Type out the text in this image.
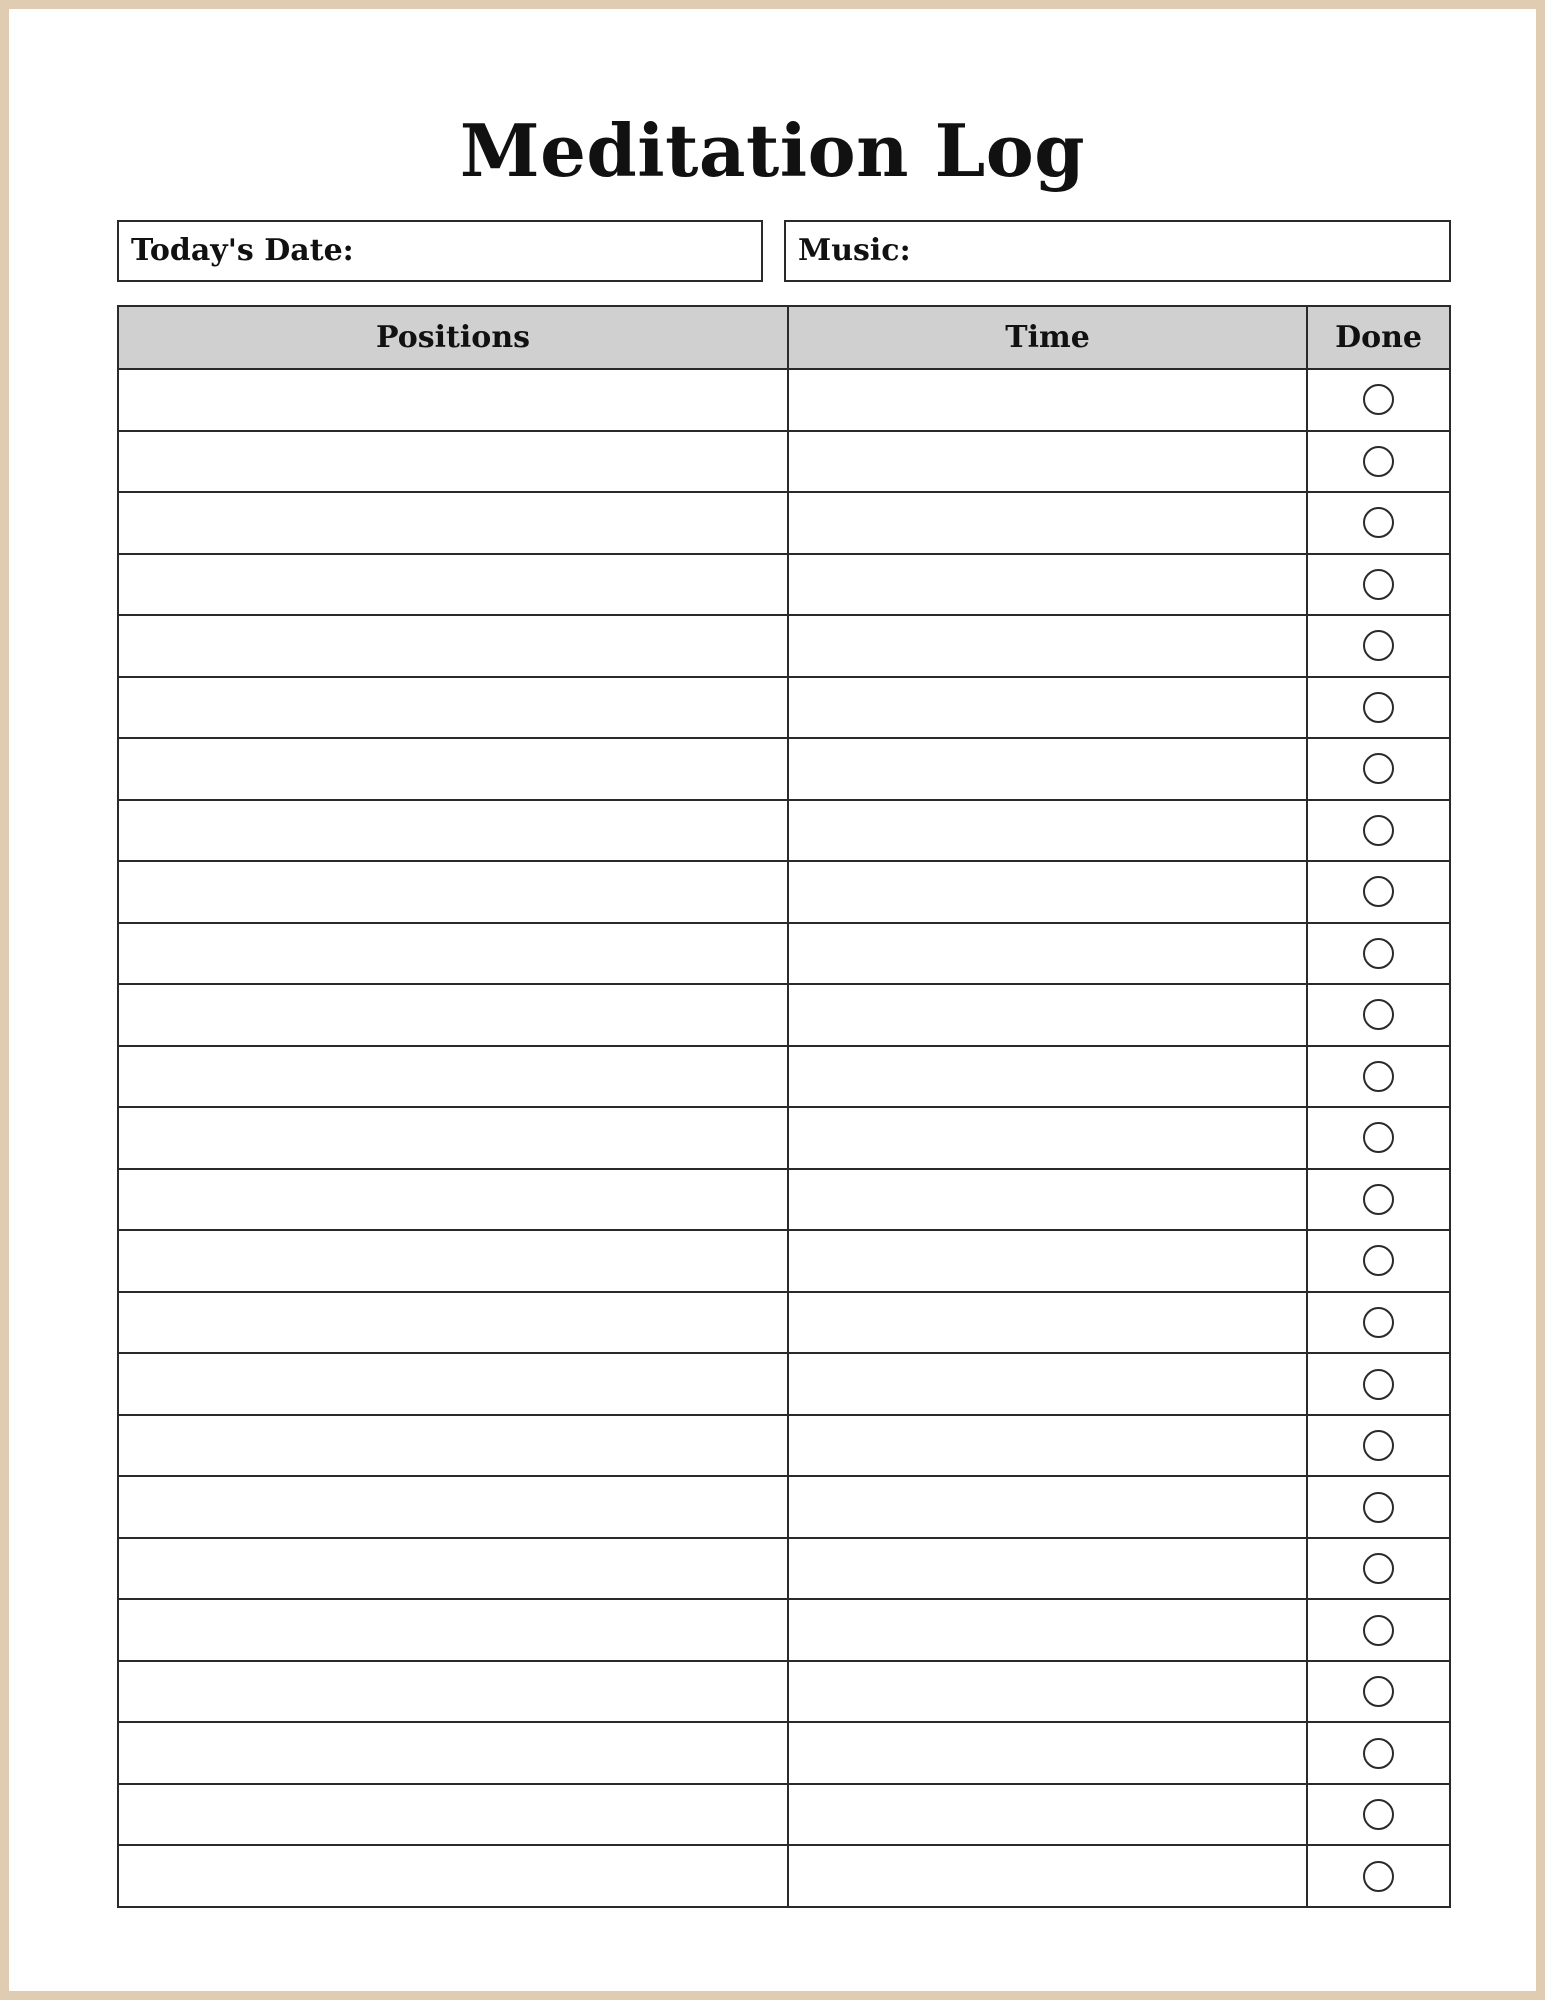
Meditation Log
Today's Date:	Music:
Positions	Time	Done
